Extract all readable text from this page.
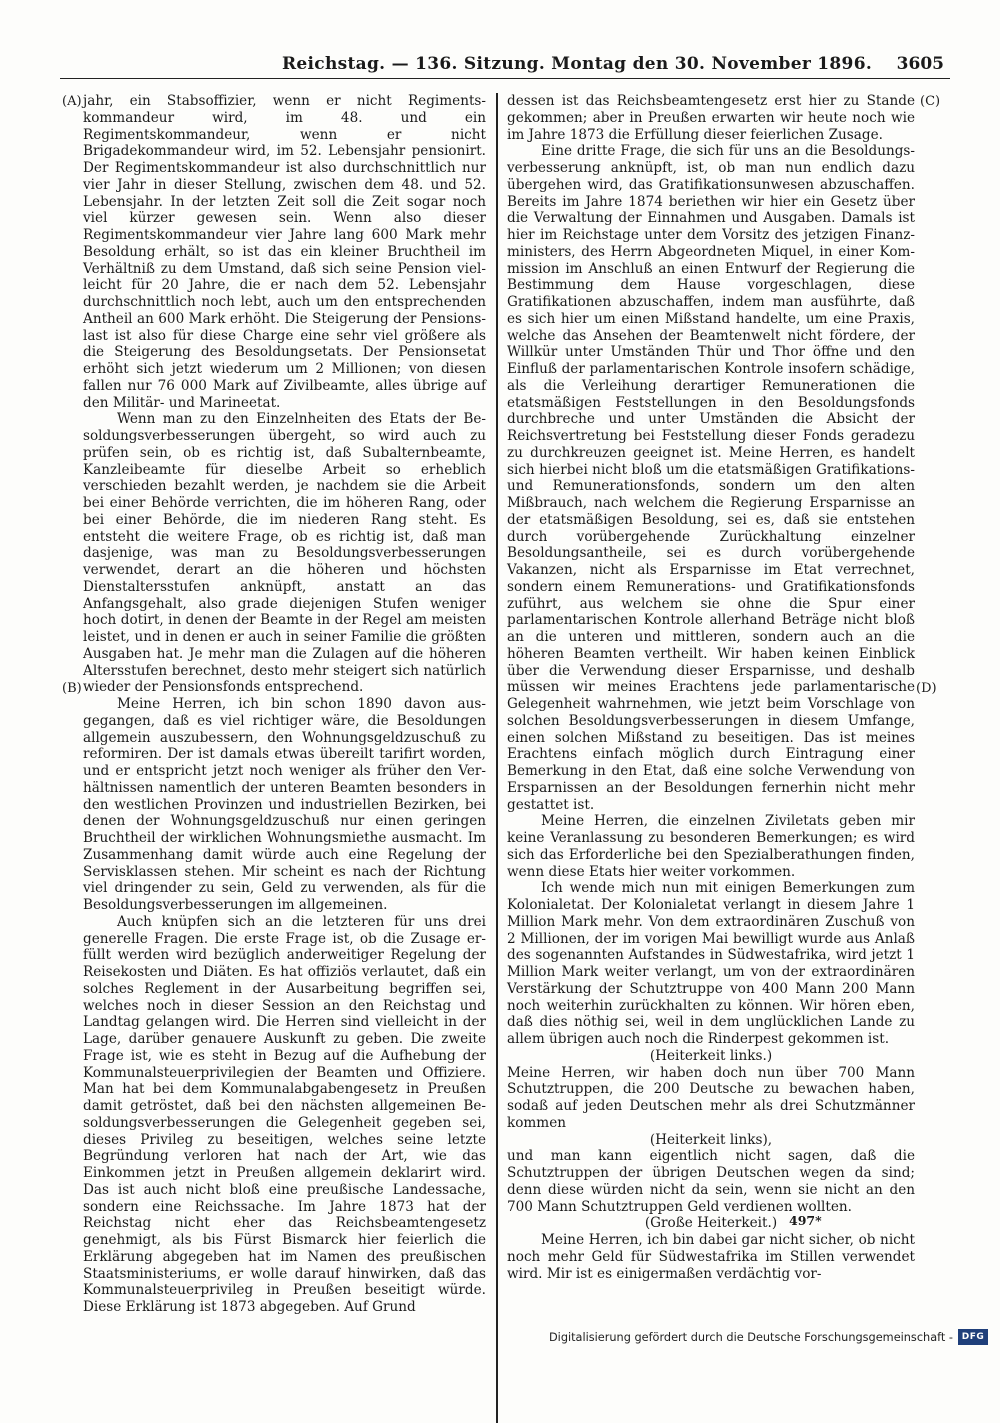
Reichstag. — 136. Sitzung. Montag den 30. November 1896. 3605
(A)
(B)
(C)
(D)

jahr, ein Stabsoffizier, wenn er nicht Regimentskommandeur wird, im 48. und ein Regimentskommandeur, wenn er nicht Brigadekommandeur wird, im 52. Lebensjahr pensionirt. Der Regimentskommandeur ist also durchschnittlich nur vier Jahr in dieser Stellung, zwischen dem 48. und 52. Lebensjahr. In der letzten Zeit soll die Zeit sogar noch viel kürzer gewesen sein. Wenn also dieser Regimentskommandeur vier Jahre lang 600 Mark mehr Besoldung erhält, so ist das ein kleiner Bruchtheil im Verhältniß zu dem Umstand, daß sich seine Pension vielleicht für 20 Jahre, die er nach dem 52. Lebensjahr durchschnittlich noch lebt, auch um den entsprechenden Antheil an 600 Mark erhöht. Die Steigerung der Pensionslast ist also für diese Charge eine sehr viel größere als die Steigerung des Besoldungsetats. Der Pensionsetat erhöht sich jetzt wiederum um 2 Millionen; von diesen fallen nur 76 000 Mark auf Zivilbeamte, alles übrige auf den Militär- und Marineetat.

Wenn man zu den Einzelnheiten des Etats der Besoldungsverbesserungen übergeht, so wird auch zu prüfen sein, ob es richtig ist, daß Subalternbeamte, Kanzleibeamte für dieselbe Arbeit so erheblich verschieden bezahlt werden, je nachdem sie die Arbeit bei einer Behörde verrichten, die im höheren Rang, oder bei einer Behörde, die im niederen Rang steht. Es entsteht die weitere Frage, ob es richtig ist, daß man dasjenige, was man zu Besoldungsverbesserungen verwendet, derart an die höheren und höchsten Dienstaltersstufen anknüpft, anstatt an das Anfangsgehalt, also grade diejenigen Stufen weniger hoch dotirt, in denen der Beamte in der Regel am meisten leistet, und in denen er auch in seiner Familie die größten Ausgaben hat. Je mehr man die Zulagen auf die höheren Altersstufen berechnet, desto mehr steigert sich natürlich wieder der Pensionsfonds entsprechend.

Meine Herren, ich bin schon 1890 davon ausgegangen, daß es viel richtiger wäre, die Besoldungen allgemein auszubessern, den Wohnungsgeldzuschuß zu reformiren. Der ist damals etwas übereilt tarifirt worden, und er entspricht jetzt noch weniger als früher den Verhältnissen namentlich der unteren Beamten besonders in den westlichen Provinzen und industriellen Bezirken, bei denen der Wohnungsgeldzuschuß nur einen geringen Bruchtheil der wirklichen Wohnungsmiethe ausmacht. Im Zusammenhang damit würde auch eine Regelung der Servisklassen stehen. Mir scheint es nach der Richtung viel dringender zu sein, Geld zu verwenden, als für die Besoldungsverbesserungen im allgemeinen.

Auch knüpfen sich an die letzteren für uns drei generelle Fragen. Die erste Frage ist, ob die Zusage erfüllt werden wird bezüglich anderweitiger Regelung der Reisekosten und Diäten. Es hat offiziös verlautet, daß ein solches Reglement in der Ausarbeitung begriffen sei, welches noch in dieser Session an den Reichstag und Landtag gelangen wird. Die Herren sind vielleicht in der Lage, darüber genauere Auskunft zu geben. Die zweite Frage ist, wie es steht in Bezug auf die Aufhebung der Kommunalsteuerprivilegien der Beamten und Offiziere. Man hat bei dem Kommunalabgabengesetz in Preußen damit getröstet, daß bei den nächsten allgemeinen Besoldungsverbesserungen die Gelegenheit gegeben sei, dieses Privileg zu beseitigen, welches seine letzte Begründung verloren hat nach der Art, wie das Einkommen jetzt in Preußen allgemein deklarirt wird. Das ist auch nicht bloß eine preußische Landessache, sondern eine Reichssache. Im Jahre 1873 hat der Reichstag nicht eher das Reichsbeamtengesetz genehmigt, als bis Fürst Bismarck hier feierlich die Erklärung abgegeben hat im Namen des preußischen Staatsministeriums, er wolle darauf hinwirken, daß das Kommunalsteuerprivileg in Preußen beseitigt würde. Diese Erklärung ist 1873 abgegeben. Auf Grund

dessen ist das Reichsbeamtengesetz erst hier zu Stande gekommen; aber in Preußen erwarten wir heute noch wie im Jahre 1873 die Erfüllung dieser feierlichen Zusage.

Eine dritte Frage, die sich für uns an die Besoldungsverbesserung anknüpft, ist, ob man nun endlich dazu übergehen wird, das Gratifikationsunwesen abzuschaffen. Bereits im Jahre 1874 beriethen wir hier ein Gesetz über die Verwaltung der Einnahmen und Ausgaben. Damals ist hier im Reichstage unter dem Vorsitz des jetzigen Finanzministers, des Herrn Abgeordneten Miquel, in einer Kommission im Anschluß an einen Entwurf der Regierung die Bestimmung dem Hause vorgeschlagen, diese Gratifikationen abzuschaffen, indem man ausführte, daß es sich hier um einen Mißstand handelte, um eine Praxis, welche das Ansehen der Beamtenwelt nicht fördere, der Willkür unter Umständen Thür und Thor öffne und den Einfluß der parlamentarischen Kontrole insofern schädige, als die Verleihung derartiger Remunerationen die etatsmäßigen Feststellungen in den Besoldungsfonds durchbreche und unter Umständen die Absicht der Reichsvertretung bei Feststellung dieser Fonds geradezu zu durchkreuzen geeignet ist. Meine Herren, es handelt sich hierbei nicht bloß um die etatsmäßigen Gratifikations- und Remunerationsfonds, sondern um den alten Mißbrauch, nach welchem die Regierung Ersparnisse an der etatsmäßigen Besoldung, sei es, daß sie entstehen durch vorübergehende Zurückhaltung einzelner Besoldungsantheile, sei es durch vorübergehende Vakanzen, nicht als Ersparnisse im Etat verrechnet, sondern einem Remunerations- und Gratifikationsfonds zuführt, aus welchem sie ohne die Spur einer parlamentarischen Kontrole allerhand Beträge nicht bloß an die unteren und mittleren, sondern auch an die höheren Beamten vertheilt. Wir haben keinen Einblick über die Verwendung dieser Ersparnisse, und deshalb müssen wir meines Erachtens jede parlamentarische Gelegenheit wahrnehmen, wie jetzt beim Vorschlage von solchen Besoldungsverbesserungen in diesem Umfange, einen solchen Mißstand zu beseitigen. Das ist meines Erachtens einfach möglich durch Eintragung einer Bemerkung in den Etat, daß eine solche Verwendung von Ersparnissen an der Besoldungen fernerhin nicht mehr gestattet ist.

Meine Herren, die einzelnen Ziviletats geben mir keine Veranlassung zu besonderen Bemerkungen; es wird sich das Erforderliche bei den Spezialberathungen finden, wenn diese Etats hier weiter vorkommen.

Ich wende mich nun mit einigen Bemerkungen zum Kolonialetat. Der Kolonialetat verlangt in diesem Jahre 1 Million Mark mehr. Von dem extraordinären Zuschuß von 2 Millionen, der im vorigen Mai bewilligt wurde aus Anlaß des sogenannten Aufstandes in Südwestafrika, wird jetzt 1 Million Mark weiter verlangt, um von der extraordinären Verstärkung der Schutztruppe von 400 Mann 200 Mann noch weiterhin zurückhalten zu können. Wir hören eben, daß dies nöthig sei, weil in dem unglücklichen Lande zu allem übrigen auch noch die Rinderpest gekommen ist.

(Heiterkeit links.)

Meine Herren, wir haben doch nun über 700 Mann Schutztruppen, die 200 Deutsche zu bewachen haben, sodaß auf jeden Deutschen mehr als drei Schutzmänner kommen

(Heiterkeit links),

und man kann eigentlich nicht sagen, daß die Schutztruppen der übrigen Deutschen wegen da sind; denn diese würden nicht da sein, wenn sie nicht an den 700 Mann Schutztruppen Geld verdienen wollten.

(Große Heiterkeit.)

Meine Herren, ich bin dabei gar nicht sicher, ob nicht noch mehr Geld für Südwestafrika im Stillen verwendet wird. Mir ist es einigermaßen verdächtig vor-

497*
Digitalisierung gefördert durch die Deutsche Forschungsgemeinschaft - DFG
